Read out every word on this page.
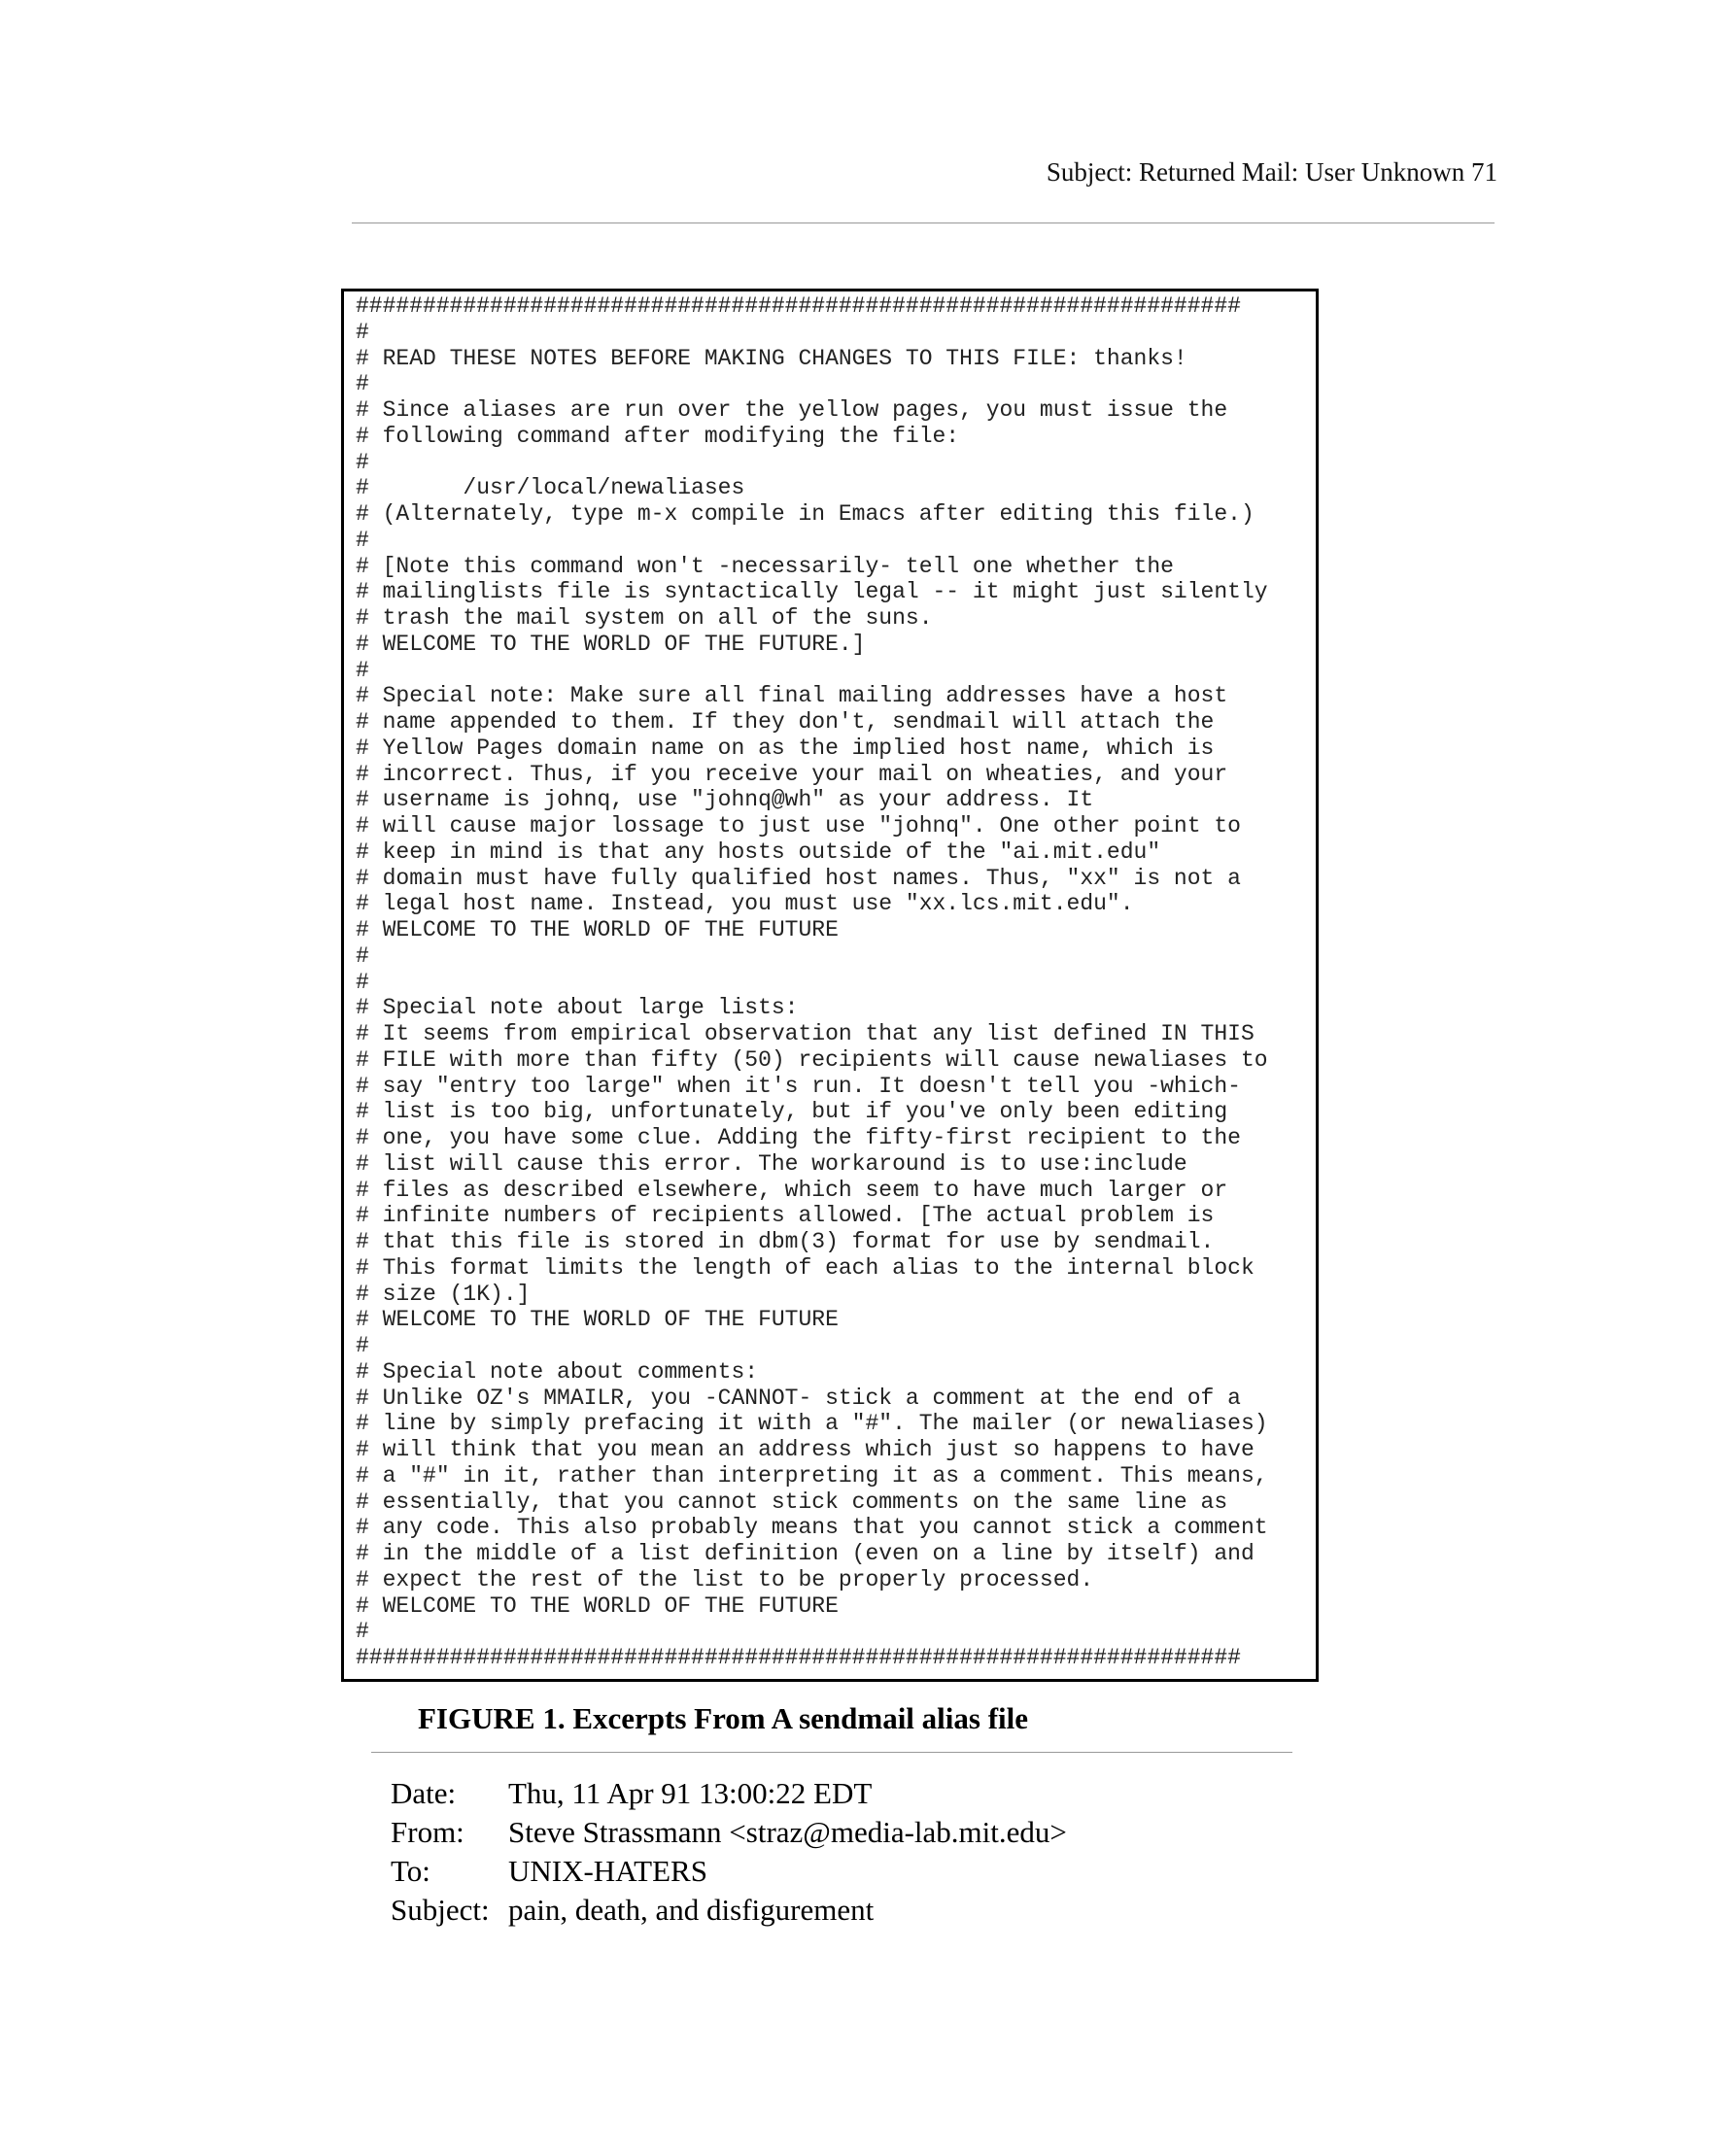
Subject: Returned Mail: User Unknown 71
##################################################################
#
# READ THESE NOTES BEFORE MAKING CHANGES TO THIS FILE: thanks!
#
# Since aliases are run over the yellow pages, you must issue the
# following command after modifying the file:
#
#       /usr/local/newaliases
# (Alternately, type m-x compile in Emacs after editing this file.)
#
# [Note this command won't -necessarily- tell one whether the
# mailinglists file is syntactically legal -- it might just silently
# trash the mail system on all of the suns.
# WELCOME TO THE WORLD OF THE FUTURE.]
#
# Special note: Make sure all final mailing addresses have a host
# name appended to them. If they don't, sendmail will attach the
# Yellow Pages domain name on as the implied host name, which is
# incorrect. Thus, if you receive your mail on wheaties, and your
# username is johnq, use "johnq@wh" as your address. It
# will cause major lossage to just use "johnq". One other point to
# keep in mind is that any hosts outside of the "ai.mit.edu"
# domain must have fully qualified host names. Thus, "xx" is not a
# legal host name. Instead, you must use "xx.lcs.mit.edu".
# WELCOME TO THE WORLD OF THE FUTURE
#
#
# Special note about large lists:
# It seems from empirical observation that any list defined IN THIS
# FILE with more than fifty (50) recipients will cause newaliases to
# say "entry too large" when it's run. It doesn't tell you -which-
# list is too big, unfortunately, but if you've only been editing
# one, you have some clue. Adding the fifty-first recipient to the
# list will cause this error. The workaround is to use:include
# files as described elsewhere, which seem to have much larger or
# infinite numbers of recipients allowed. [The actual problem is
# that this file is stored in dbm(3) format for use by sendmail.
# This format limits the length of each alias to the internal block
# size (1K).]
# WELCOME TO THE WORLD OF THE FUTURE
#
# Special note about comments:
# Unlike OZ's MMAILR, you -CANNOT- stick a comment at the end of a
# line by simply prefacing it with a "#". The mailer (or newaliases)
# will think that you mean an address which just so happens to have
# a "#" in it, rather than interpreting it as a comment. This means,
# essentially, that you cannot stick comments on the same line as
# any code. This also probably means that you cannot stick a comment
# in the middle of a list definition (even on a line by itself) and
# expect the rest of the list to be properly processed.
# WELCOME TO THE WORLD OF THE FUTURE
#
##################################################################
FIGURE 1. Excerpts From A sendmail alias file
Date:	Thu, 11 Apr 91 13:00:22 EDT
From:	Steve Strassmann <straz@media-lab.mit.edu>
To:	UNIX-HATERS
Subject: pain, death, and disfigurement
